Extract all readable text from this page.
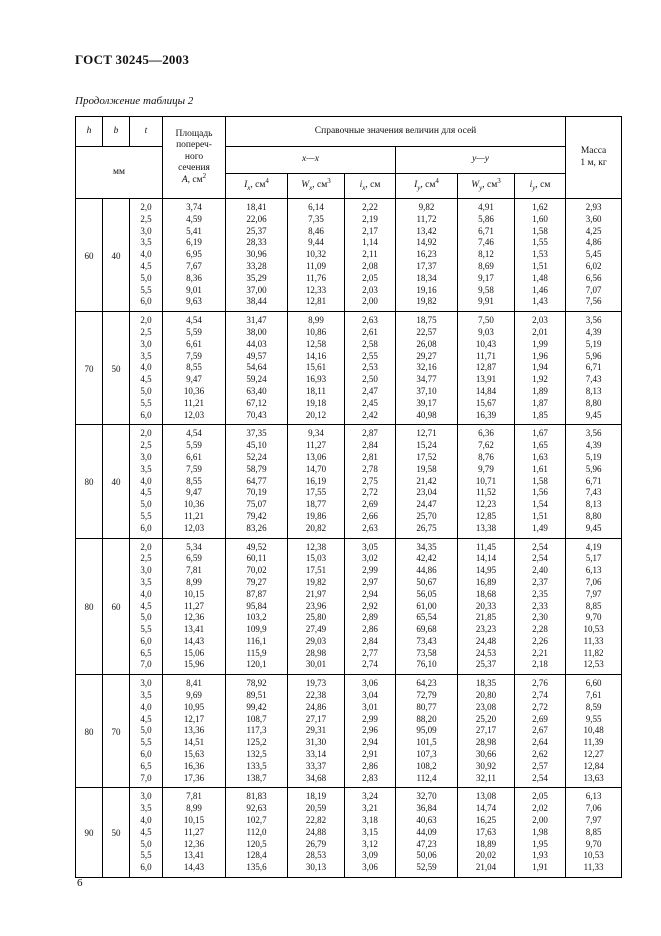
ГОСТ 30245—2003
Продолжение таблицы 2
h	b	t	Площадь
попереч-
ного
сечения
А, $см^2$	Справочные значения величин для осей						Масса
1 м, кг
мм				x—x			y—y			
				$I_x$, $см^4$	$W_x$, $см^3$	$i_x$, см	$I_y$, $см^4$	$W_y$, $см^3$	$i_y$, см	
60	40	2,0	3,74	18,41	6,14	2,22	9,82	4,91	1,62	2,93
		2,5	4,59	22,06	7,35	2,19	11,72	5,86	1,60	3,60
		3,0	5,41	25,37	8,46	2,17	13,42	6,71	1,58	4,25
		3,5	6,19	28,33	9,44	1,14	14,92	7,46	1,55	4,86
		4,0	6,95	30,96	10,32	2,11	16,23	8,12	1,53	5,45
		4,5	7,67	33,28	11,09	2,08	17,37	8,69	1,51	6,02
		5,0	8,36	35,29	11,76	2,05	18,34	9,17	1,48	6,56
		5,5	9,01	37,00	12,33	2,03	19,16	9,58	1,46	7,07
		6,0	9,63	38,44	12,81	2,00	19,82	9,91	1,43	7,56
70	50	2,0	4,54	31,47	8,99	2,63	18,75	7,50	2,03	3,56
		2,5	5,59	38,00	10,86	2,61	22,57	9,03	2,01	4,39
		3,0	6,61	44,03	12,58	2,58	26,08	10,43	1,99	5,19
		3,5	7,59	49,57	14,16	2,55	29,27	11,71	1,96	5,96
		4,0	8,55	54,64	15,61	2,53	32,16	12,87	1,94	6,71
		4,5	9,47	59,24	16,93	2,50	34,77	13,91	1,92	7,43
		5,0	10,36	63,40	18,11	2,47	37,10	14,84	1,89	8,13
		5,5	11,21	67,12	19,18	2,45	39,17	15,67	1,87	8,80
		6,0	12,03	70,43	20,12	2,42	40,98	16,39	1,85	9,45
80	40	2,0	4,54	37,35	9,34	2,87	12,71	6,36	1,67	3,56
		2,5	5,59	45,10	11,27	2,84	15,24	7,62	1,65	4,39
		3,0	6,61	52,24	13,06	2,81	17,52	8,76	1,63	5,19
		3,5	7,59	58,79	14,70	2,78	19,58	9,79	1,61	5,96
		4,0	8,55	64,77	16,19	2,75	21,42	10,71	1,58	6,71
		4,5	9,47	70,19	17,55	2,72	23,04	11,52	1,56	7,43
		5,0	10,36	75,07	18,77	2,69	24,47	12,23	1,54	8,13
		5,5	11,21	79,42	19,86	2,66	25,70	12,85	1,51	8,80
		6,0	12,03	83,26	20,82	2,63	26,75	13,38	1,49	9,45
80	60	2,0	5,34	49,52	12,38	3,05	34,35	11,45	2,54	4,19
		2,5	6,59	60,11	15,03	3,02	42,42	14,14	2,54	5,17
		3,0	7,81	70,02	17,51	2,99	44,86	14,95	2,40	6,13
		3,5	8,99	79,27	19,82	2,97	50,67	16,89	2,37	7,06
		4,0	10,15	87,87	21,97	2,94	56,05	18,68	2,35	7,97
		4,5	11,27	95,84	23,96	2,92	61,00	20,33	2,33	8,85
		5,0	12,36	103,2	25,80	2,89	65,54	21,85	2,30	9,70
		5,5	13,41	109,9	27,49	2,86	69,68	23,23	2,28	10,53
		6,0	14,43	116,1	29,03	2,84	73,43	24,48	2,26	11,33
		6,5	15,06	115,9	28,98	2,77	73,58	24,53	2,21	11,82
		7,0	15,96	120,1	30,01	2,74	76,10	25,37	2,18	12,53
80	70	3,0	8,41	78,92	19,73	3,06	64,23	18,35	2,76	6,60
		3,5	9,69	89,51	22,38	3,04	72,79	20,80	2,74	7,61
		4,0	10,95	99,42	24,86	3,01	80,77	23,08	2,72	8,59
		4,5	12,17	108,7	27,17	2,99	88,20	25,20	2,69	9,55
		5,0	13,36	117,3	29,31	2,96	95,09	27,17	2,67	10,48
		5,5	14,51	125,2	31,30	2,94	101,5	28,98	2,64	11,39
		6,0	15,63	132,5	33,14	2,91	107,3	30,66	2,62	12,27
		6,5	16,36	133,5	33,37	2,86	108,2	30,92	2,57	12,84
		7,0	17,36	138,7	34,68	2,83	112,4	32,11	2,54	13,63
90	50	3,0	7,81	81,83	18,19	3,24	32,70	13,08	2,05	6,13
		3,5	8,99	92,63	20,59	3,21	36,84	14,74	2,02	7,06
		4,0	10,15	102,7	22,82	3,18	40,63	16,25	2,00	7,97
		4,5	11,27	112,0	24,88	3,15	44,09	17,63	1,98	8,85
		5,0	12,36	120,5	26,79	3,12	47,23	18,89	1,95	9,70
		5,5	13,41	128,4	28,53	3,09	50,06	20,02	1,93	10,53
		6,0	14,43	135,6	30,13	3,06	52,59	21,04	1,91	11,33
6
